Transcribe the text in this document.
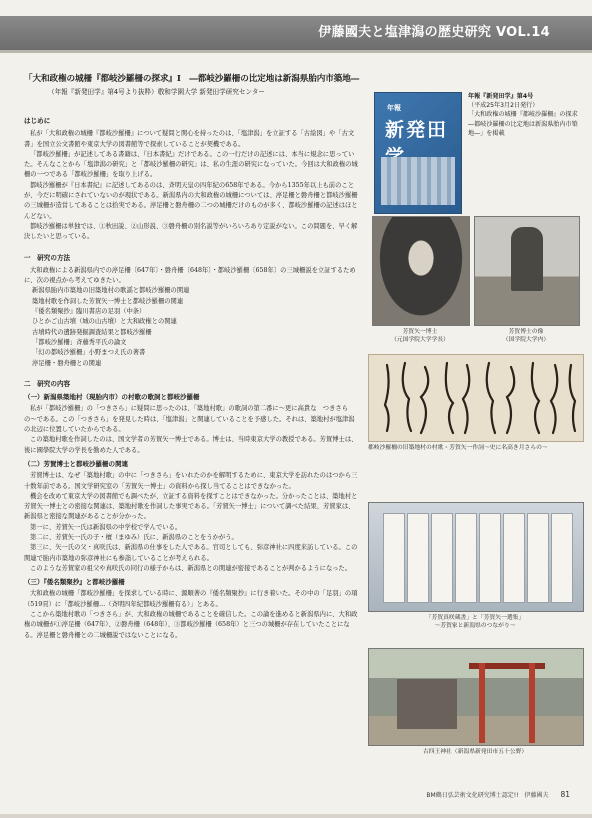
伊藤國夫と塩津潟の歴史研究 VOL.14
「大和政権の城柵『都岐沙羅柵の探求』Ⅰ　―都岐沙羅柵の比定地は新潟県胎内市築地―
（年報『新発田学』第4号より抜粋）敬和学園大学 新発田学研究センター
はじめに

私が「大和政権の城柵『都岐沙羅柵』について疑問と関心を持ったのは、「塩津潟」を立証する「古絵図」や「古文書」を国立公文書館や東京大学の図書館等で探索していることが契機である。

「都岐沙羅柵」が記述してある書籍は、『日本書紀』だけである。この一行だけの記述には、本当に規念に思っていた。そんなことから「塩津潟の研究」と「都岐沙羅柵の研究」は、私の生涯の研究になっていた。今回は大和政権の城柵の一つである「都岐沙羅柵」を取り上げる。

都岐沙羅柵が『日本書紀』に記述してあるのは、斉明天皇の四年紀の658年である。今から1355年以上も前のことが、今だに明確にされていないのが現状である。新潟県内の大和政権の城柵については、渟足柵と磐舟柵と都岐沙羅柵の三城柵が造営してあることは拾実である。渟足柵と磐舟柵の二つの城柵だけのものが多く、都岐沙羅柵の記述はほとんどない。

都岐沙羅柵は単独では、①秋田説、②山形説、③磐舟柵の別名説等がいろいろあり定説がない。この問題を、早く解決したいと思っている。

一　研究の方法

大和政権による新潟県内での渟足柵〔647年〕・磐舟柵〔648年〕・都岐沙羅柵〔658年〕の三城柵説を立証するために、次の視点から考えてゆきたい。

新潟県胎内市築地の旧築地村の歌謡と都岐沙羅柵の関連

築地村歌を作詞した芳賀矢一博士と都岐沙羅柵の関連

『倭名類聚抄』臨川書店の足羽（中条）

ひとかご山古墳（城の山古墳）と大和政権との関連

古墳時代の遺跡発掘調査結果と都岐沙羅柵

「都岐沙羅柵」斉藤秀平氏の論文

「幻の都岐沙羅柵」小野まつえ氏の著書

渟足柵・磐舟柵との関連

二　研究の内容
（一）新潟県築地村（現胎内市）の村歌の歌詞と都岐沙羅柵

私が「都岐沙羅柵」の「つきさら」に疑問に思ったのは、「築地村歌」の歌詞の第二番に〜更に高貴な　つきさらの〜である。この「つきさら」を発見した時は、「塩津潟」と関連していることを予感した。それは、築地村が塩津潟の北辺に位置していたからである。

この築地村歌を作詞したのは、国文学者の芳賀矢一博士である。博士は、当時東京大学の教授である。芳賀博士は、後に國學院大学の学長を勤めた人である。

（二）芳賀博士と都岐沙羅柵の関連

芳賀博士は、なぜ「築地村歌」の中に「つきさら」をいれたのかを解明するために、東京大学を訪れたのはつから三十数年前である。国文学研究室の「芳賀矢一博士」の資料から探し当てることはできなかった。

機会を改めて東京大学の図書館でも調べたが、立証する資料を探すことはできなかった。分かったことは、築地村と芳賀矢一博士との密接な関連は、築地村歌を作詞した事実である。「芳賀矢一博士」について調べた結果、芳賀家は、新潟県と密接な関連があることが分かった。

第一に、芳賀矢一氏は新潟県の中学校で学んでいる。

第二に、芳賀矢一氏の子・檀（まゆみ）氏に、新潟県のことをうかがう。

第三に、矢一氏の父・真咲氏は、新潟県の仕事をした人である。官司としても、弥彦神社に四度来訪している。この関連で胎内市築地の弥彦神社にも参詣していることが考えられる。

このような芳賀家の祖父や真咲氏の同行の様子からは、新潟県との関連が密接であることが判かるようになった。

（三）『倭名類聚抄』と都岐沙羅柵

大和政権の城柵「都岐沙羅柵」を探求している時に、源順著の『倭名類聚抄』に行き着いた。その中の「足羽」の項（519頁）に「都岐沙羅柵…（斉明四年紀都岐沙羅柵有る）」とある。

ここから築地村歌の「つきさら」が、大和政権の城柵であることを確信した。この論を進めると新潟県内に、大和政権の城柵が①渟足柵（647年）、②磐舟柵（648年）、③都岐沙羅柵（658年）と三つの城柵が存在していたことになる。渟足柵と磐舟柵との二城柵説ではないことになる。

年報
新発田
年報『新発田学』第4号
（平成25年3月2日発行）
「大和政権の城柵『都岐沙羅柵』の探求―都岐沙羅柵の比定地は新潟県胎内市築地―」を掲載
芳賀矢一博士
（元国学院大学学長）
芳賀博士の像
（国学院大学内）
都岐沙羅柵の旧築地村の村歌・芳賀矢一作詞〜史に名高き月さらの〜
「芳賀真咲蔵書」と「芳賀矢一選集」
〜芳賀家と新潟県のつながり〜
古四王神社（新潟県新発田市五十公野）
BM鶴日弘芸術文化研究博士認定!!　伊藤國夫 81
